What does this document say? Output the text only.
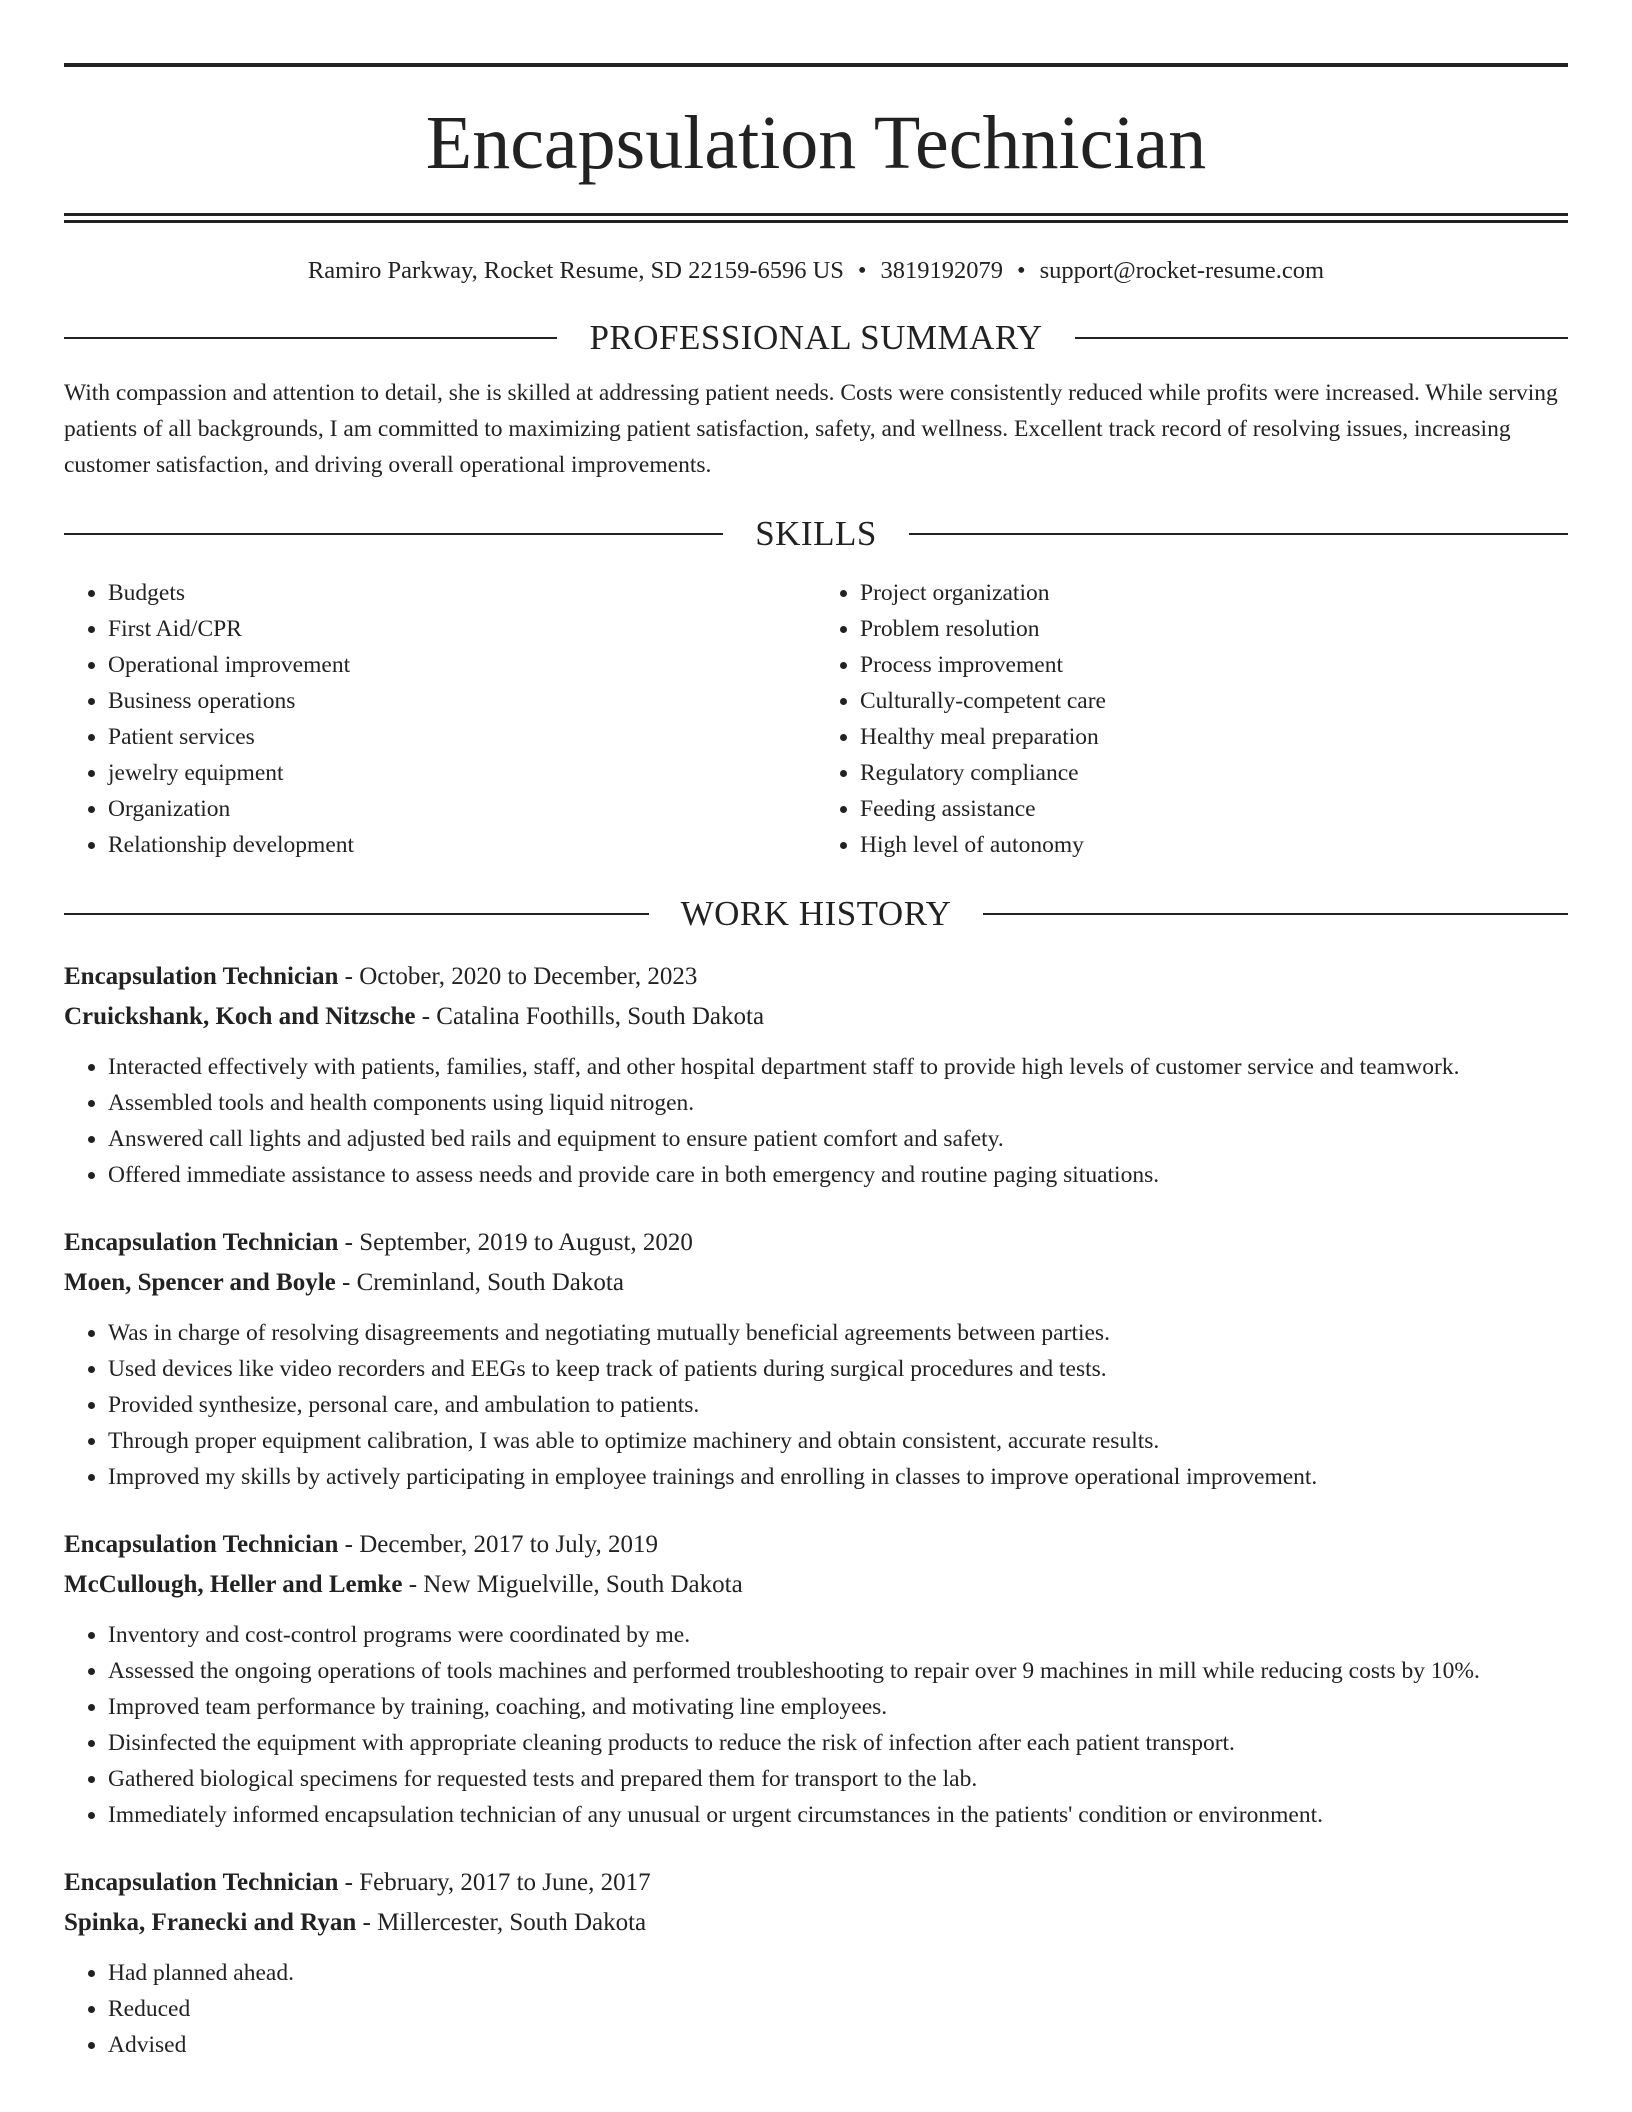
Encapsulation Technician
Ramiro Parkway, Rocket Resume, SD 22159-6596 US • 3819192079 • support@rocket-resume.com
PROFESSIONAL SUMMARY
With compassion and attention to detail, she is skilled at addressing patient needs. Costs were consistently reduced while profits were increased. While serving patients of all backgrounds, I am committed to maximizing patient satisfaction, safety, and wellness. Excellent track record of resolving issues, increasing customer satisfaction, and driving overall operational improvements.
SKILLS
• Budgets
• First Aid/CPR
• Operational improvement
• Business operations
• Patient services
• jewelry equipment
• Organization
• Relationship development
• Project organization
• Problem resolution
• Process improvement
• Culturally-competent care
• Healthy meal preparation
• Regulatory compliance
• Feeding assistance
• High level of autonomy
WORK HISTORY
Encapsulation Technician - October, 2020 to December, 2023
Cruickshank, Koch and Nitzsche - Catalina Foothills, South Dakota
• Interacted effectively with patients, families, staff, and other hospital department staff to provide high levels of customer service and teamwork.
• Assembled tools and health components using liquid nitrogen.
• Answered call lights and adjusted bed rails and equipment to ensure patient comfort and safety.
• Offered immediate assistance to assess needs and provide care in both emergency and routine paging situations.
Encapsulation Technician - September, 2019 to August, 2020
Moen, Spencer and Boyle - Creminland, South Dakota
• Was in charge of resolving disagreements and negotiating mutually beneficial agreements between parties.
• Used devices like video recorders and EEGs to keep track of patients during surgical procedures and tests.
• Provided synthesize, personal care, and ambulation to patients.
• Through proper equipment calibration, I was able to optimize machinery and obtain consistent, accurate results.
• Improved my skills by actively participating in employee trainings and enrolling in classes to improve operational improvement.
Encapsulation Technician - December, 2017 to July, 2019
McCullough, Heller and Lemke - New Miguelville, South Dakota
• Inventory and cost-control programs were coordinated by me.
• Assessed the ongoing operations of tools machines and performed troubleshooting to repair over 9 machines in mill while reducing costs by 10%.
• Improved team performance by training, coaching, and motivating line employees.
• Disinfected the equipment with appropriate cleaning products to reduce the risk of infection after each patient transport.
• Gathered biological specimens for requested tests and prepared them for transport to the lab.
• Immediately informed encapsulation technician of any unusual or urgent circumstances in the patients' condition or environment.
Encapsulation Technician - February, 2017 to June, 2017
Spinka, Franecki and Ryan - Millercester, South Dakota
• Had planned ahead.
• Reduced
• Advised
